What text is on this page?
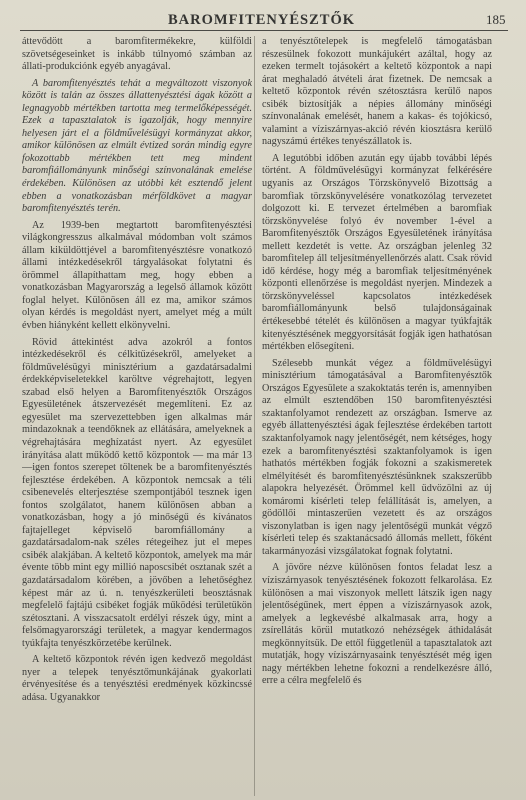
BAROMFITENYÉSZTŐK	185

áttevődött a baromfitermékekre, külföldi szövetségeseinket is inkább túlnyomó számban az állati-produkciónk egyéb anyagával.

A baromfitenyésztés tehát a megváltozott viszonyok között is talán az összes állattenyésztési ágak között a legnagyobb mértékben tartotta meg termelőképességét. Ezek a tapasztalatok is igazolják, hogy mennyire helyesen járt el a földművelésügyi kormányzat akkor, amikor különösen az elmúlt évtized során mindig egyre fokozottabb mértékben tett meg mindent baromfiállományunk minőségi színvonalának emelése érdekében. Különösen az utóbbi két esztendő jelent ebben a vonatkozásban mérföldkövet a magyar baromfitenyésztés terén.

Az 1939-ben megtartott baromfitenyésztési világkongresszus alkalmával módomban volt számos állam kiküldöttjével a baromfitenyésztésre vonatkozó állami intézkedésekről tárgyalásokat folytatni és örömmel állapíthattam meg, hogy ebben a vonatkozásban Magyarország a legelső államok között foglal helyet. Különösen áll ez ma, amikor számos olyan kérdés is megoldást nyert, amelyet még a múlt évben hiányként kellett elkönyvelni.

Rövid áttekintést adva azokról a fontos intézkedésekről és célkitűzésekről, amelyeket a földművelésügyi minisztérium a gazdatársadalmi érdekképviseletekkel karöltve végrehajtott, legyen szabad első helyen a Baromfitenyésztők Országos Egyesületének átszervezését megemlíteni. Ez az egyesület ma szervezettebben igen alkalmas már mindazoknak a teendőknek az ellátására, amelyeknek a végrehajtására meghízatást nyert. Az egyesület irányítása alatt működő kettő központok — ma már 13 —igen fontos szerepet töltenek be a baromfitenyésztés fejlesztése érdekében. A központok nemcsak a téli csibenevelés elterjesztése szempontjából tesznek igen fontos szolgálatot, hanem különösen abban a vonatkozásban, hogy a jó minőségű és kívánatos fajtajelleget képviselő baromfiállomány a gazdatársadalom-nak széles rétegeihez jut el mepes csibék alakjában. A keltető központok, amelyek ma már évente több mint egy millió naposcsibét osztanak szét a gazdatársadalom körében, a jövőben a lehetőséghez képest már az ú. n. tenyészkerületi beosztásnak megfelelő fajtájú csibéket fogják működési területükön szétosztani. A visszacsatolt erdélyi részek úgy, mint a felsőmagyarországi területek, a magyar kendermagos tyúkfajta tenyészkörzetébe kerülnek.

A keltető központok révén igen kedvező megoldást nyer a telepek tenyésztőmunkájának gyakorlati érvényesítése és a tenyésztési eredmények közkincssé adása. Ugyanakkor

a tenyésztőtelepek is megfelelő támogatásban részesülnek fokozott munkájukért azáltal, hogy az ezeken termelt tojásokért a keltető központok a napi árat meghaladó átvételi árat fizetnek. De nemcsak a keltető központok révén szétosztásra kerülő napos csibék biztosítják a népies állomány minőségi színvonalának emelését, hanem a kakas- és tojókicsó, valamint a víziszárnyas-akció révén kiosztásra kerülő nagyszámú értékes tenyészállatok is.

A legutóbbi időben azután egy újabb további lépés történt. A földművelésügyi kormányzat felkérésére ugyanis az Országos Törzskönyvelő Bizottság a baromfiak törzskönyvelésére vonatkozólag tervezetet dolgozott ki. E tervezet értelmében a baromfiak törzskönyvelése folyó év november 1-ével a Baromfitenyésztők Országos Egyesületének irányítása mellett kezdetét is vette. Az országban jelenleg 32 baromfitelep áll teljesítményellenőrzés alatt. Csak rövid idő kérdése, hogy még a baromfiak teljesítményének központi ellenőrzése is megoldást nyerjen. Mindezek a törzskönyveléssel kapcsolatos intézkedések baromfiállományunk belső tulajdonságainak értékesebbé tételét és különösen a magyar tyúkfajták kitenyésztésének meggyorsítását fogják igen hathatósan mértékben elősegíteni.

Szélesebb munkát végez a földművelésügyi minisztérium támogatásával a Baromfitenyésztők Országos Egyesülete a szakoktatás terén is, amennyiben az elmúlt esztendőben 150 baromfitenyésztési szaktanfolyamot rendezett az országban. Ismerve az egyéb állattenyésztési ágak fejlesztése érdekében tartott szaktanfolyamok nagy jelentőségét, nem kétséges, hogy ezek a baromfitenyésztési szaktanfolyamok is igen hathatós mértékben fogják fokozni a szakismeretek elmélyítését és baromfitenyésztésünknek szakszerűbb alapokra helyezését. Örömmel kell üdvözölni az új komáromi kísérleti telep felállítását is, amelyen, a gödöllői mintaszerűen vezetett és az országos viszonylatban is igen nagy jelentőségű munkát végző kísérleti telep és szaktanácsadó állomás mellett, főként takarmányozási vizsgálatokat fognak folytatni.

A jövőre nézve különösen fontos feladat lesz a víziszárnyasok tenyésztésének fokozott felkarolása. Ez különösen a mai viszonyok mellett látszik igen nagy jelentőségűnek, mert éppen a víziszárnyasok azok, amelyek a legkevésbé alkalmasak arra, hogy a zsírellátás körül mutatkozó nehézségek áthidalását megkönnyítsük. De ettől függetlenül a tapasztalatok azt mutatják, hogy víziszárnyasaink tenyésztését még igen nagy mértékben lehetne fokozni a rendelkezésre álló, erre a célra megfelelő és
